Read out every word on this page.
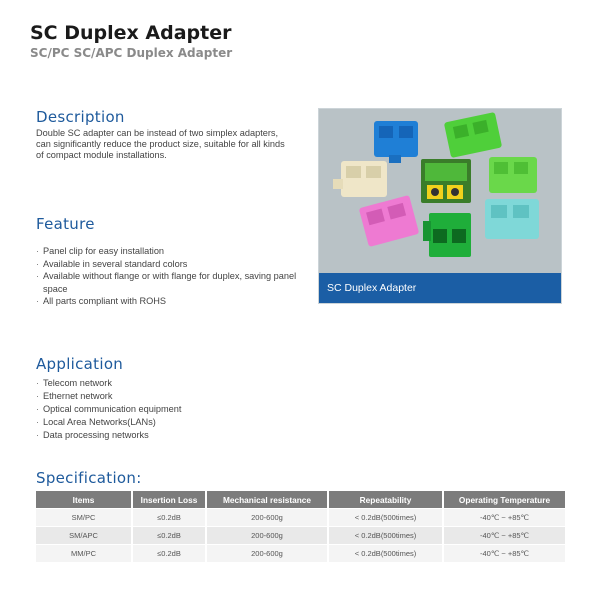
SC Duplex Adapter
SC/PC SC/APC Duplex Adapter
Description
Double SC adapter can be instead of two simplex adapters, can significantly reduce the product size, suitable for all kinds of compact module installations.
Feature
· Panel clip for easy installation
· Available in several standard colors
· Available without flange or with flange for duplex, saving panel space
· All parts compliant with ROHS
SC Duplex Adapter
Application
· Telecom network
· Ethernet network
· Optical communication equipment
· Local Area Networks(LANs)
· Data processing networks
Specification:
Items	Insertion Loss	Mechanical resistance	Repeatability	Operating Temperature
SM/PC	≤0.2dB	200-600g	< 0.2dB(500times)	-40℃ ~ +85℃
SM/APC	≤0.2dB	200-600g	< 0.2dB(500times)	-40℃ ~ +85℃
MM/PC	≤0.2dB	200-600g	< 0.2dB(500times)	-40℃ ~ +85℃
